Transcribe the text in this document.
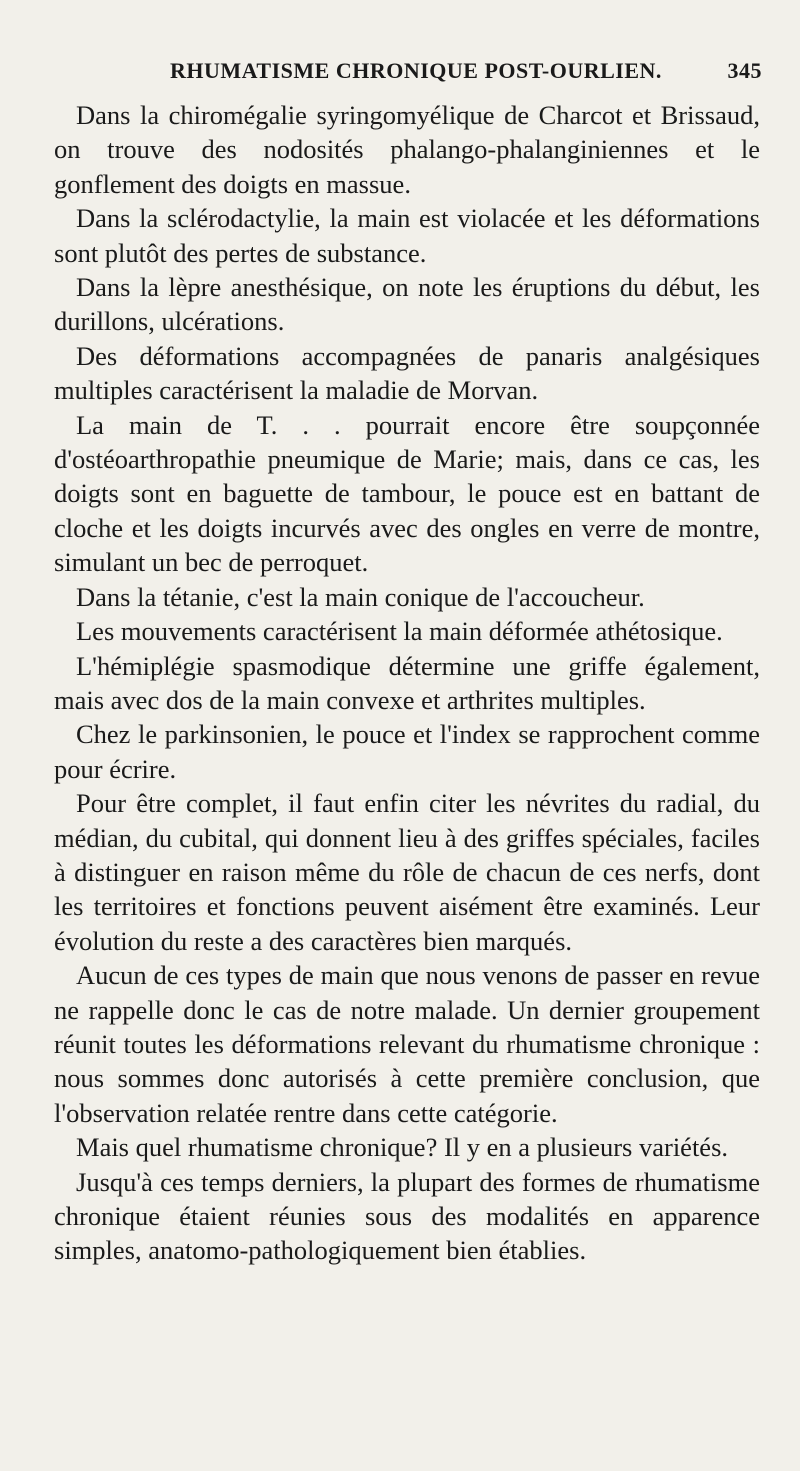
RHUMATISME CHRONIQUE POST-OURLIEN.	345

Dans la chiromégalie syringomyélique de Charcot et Brissaud, on trouve des nodosités phalango-phalanginiennes et le gonflement des doigts en massue.

Dans la sclérodactylie, la main est violacée et les déformations sont plutôt des pertes de substance.

Dans la lèpre anesthésique, on note les éruptions du début, les durillons, ulcérations.

Des déformations accompagnées de panaris analgésiques multiples caractérisent la maladie de Morvan.

La main de T. . . pourrait encore être soupçonnée d'ostéoarthropathie pneumique de Marie; mais, dans ce cas, les doigts sont en baguette de tambour, le pouce est en battant de cloche et les doigts incurvés avec des ongles en verre de montre, simulant un bec de perroquet.

Dans la tétanie, c'est la main conique de l'accoucheur.

Les mouvements caractérisent la main déformée athétosique.

L'hémiplégie spasmodique détermine une griffe également, mais avec dos de la main convexe et arthrites multiples.

Chez le parkinsonien, le pouce et l'index se rapprochent comme pour écrire.

Pour être complet, il faut enfin citer les névrites du radial, du médian, du cubital, qui donnent lieu à des griffes spéciales, faciles à distinguer en raison même du rôle de chacun de ces nerfs, dont les territoires et fonctions peuvent aisément être examinés. Leur évolution du reste a des caractères bien marqués.

Aucun de ces types de main que nous venons de passer en revue ne rappelle donc le cas de notre malade. Un dernier groupement réunit toutes les déformations relevant du rhumatisme chronique : nous sommes donc autorisés à cette première conclusion, que l'observation relatée rentre dans cette catégorie.

Mais quel rhumatisme chronique? Il y en a plusieurs variétés.

Jusqu'à ces temps derniers, la plupart des formes de rhumatisme chronique étaient réunies sous des modalités en apparence simples, anatomo-pathologiquement bien établies.
